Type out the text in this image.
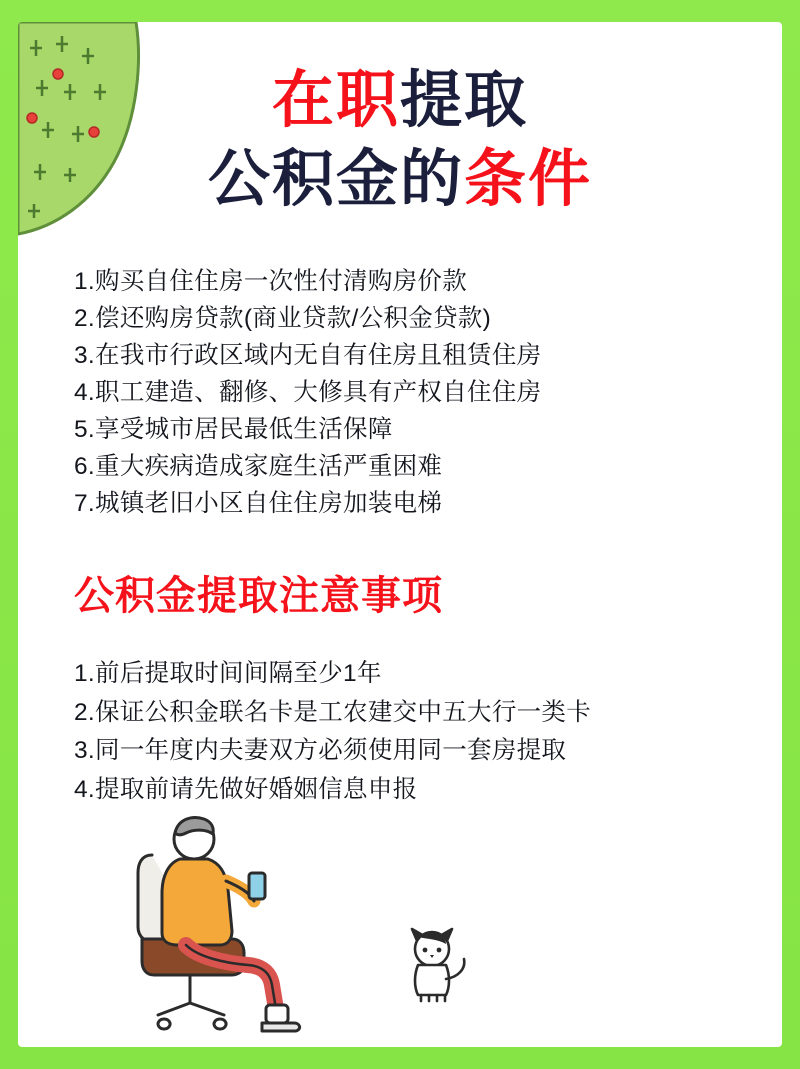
在职提取
公积金的条件
1.购买自住住房一次性付清购房价款
2.偿还购房贷款(商业贷款/公积金贷款)
3.在我市行政区域内无自有住房且租赁住房
4.职工建造、翻修、大修具有产权自住住房
5.享受城市居民最低生活保障
6.重大疾病造成家庭生活严重困难
7.城镇老旧小区自住住房加装电梯
公积金提取注意事项
1.前后提取时间间隔至少1年
2.保证公积金联名卡是工农建交中五大行一类卡
3.同一年度内夫妻双方必须使用同一套房提取
4.提取前请先做好婚姻信息申报
